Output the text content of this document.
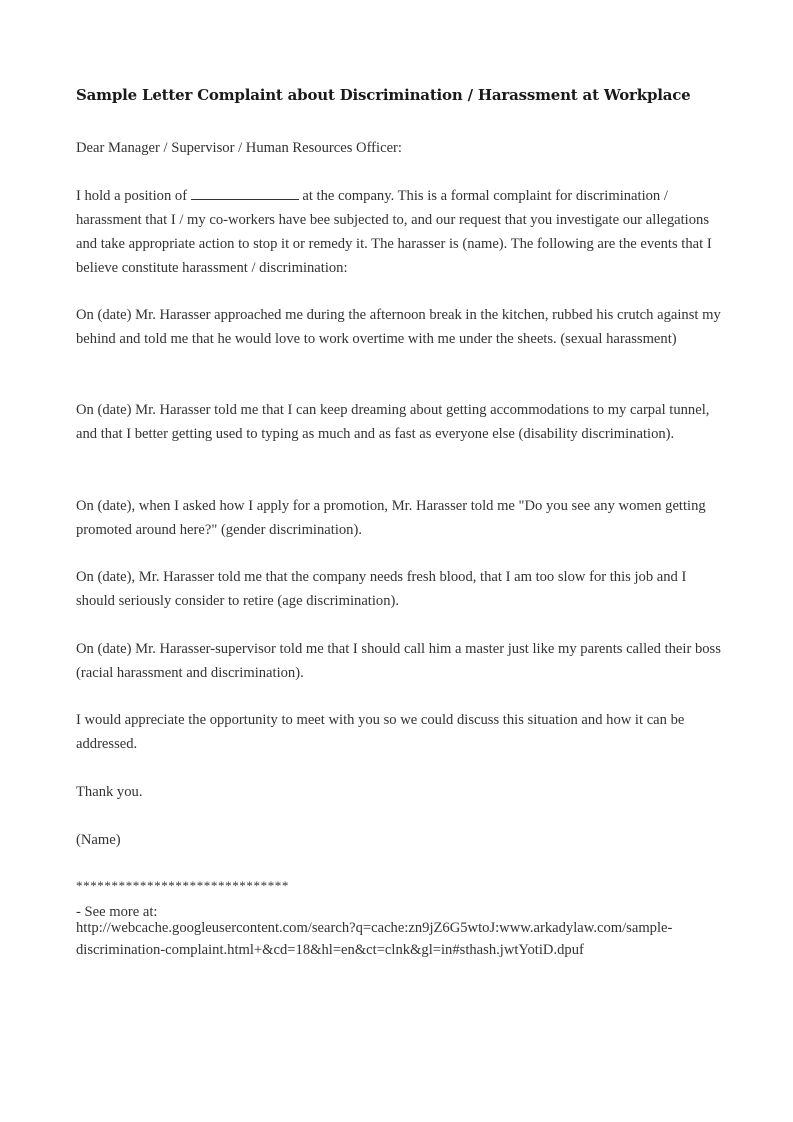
Sample Letter Complaint about Discrimination / Harassment at Workplace

Dear Manager / Supervisor / Human Resources Officer:

I hold a position of	at the company. This is a formal complaint for discrimination / harassment that I / my co-workers have bee subjected to, and our request that you investigate our allegations and take appropriate action to stop it or remedy it. The harasser is (name). The following are the events that I believe constitute harassment / discrimination:

On (date) Mr. Harasser approached me during the afternoon break in the kitchen, rubbed his crutch against my behind and told me that he would love to work overtime with me under the sheets. (sexual harassment)

On (date) Mr. Harasser told me that I can keep dreaming about getting accommodations to my carpal tunnel, and that I better getting used to typing as much and as fast as everyone else (disability discrimination).

On (date), when I asked how I apply for a promotion, Mr. Harasser told me "Do you see any women getting promoted around here?" (gender discrimination).

On (date), Mr. Harasser told me that the company needs fresh blood, that I am too slow for this job and I should seriously consider to retire (age discrimination).

On (date) Mr. Harasser-supervisor told me that I should call him a master just like my parents called their boss (racial harassment and discrimination).

I would appreciate the opportunity to meet with you so we could discuss this situation and how it can be addressed.

Thank you.

(Name)

******************************

- See more at:

http://webcache.googleusercontent.com/search?q=cache:zn9jZ6G5wtoJ:www.arkadylaw.com/sample-

discrimination-complaint.html+&cd=18&hl=en&ct=clnk&gl=in#sthash.jwtYotiD.dpuf
